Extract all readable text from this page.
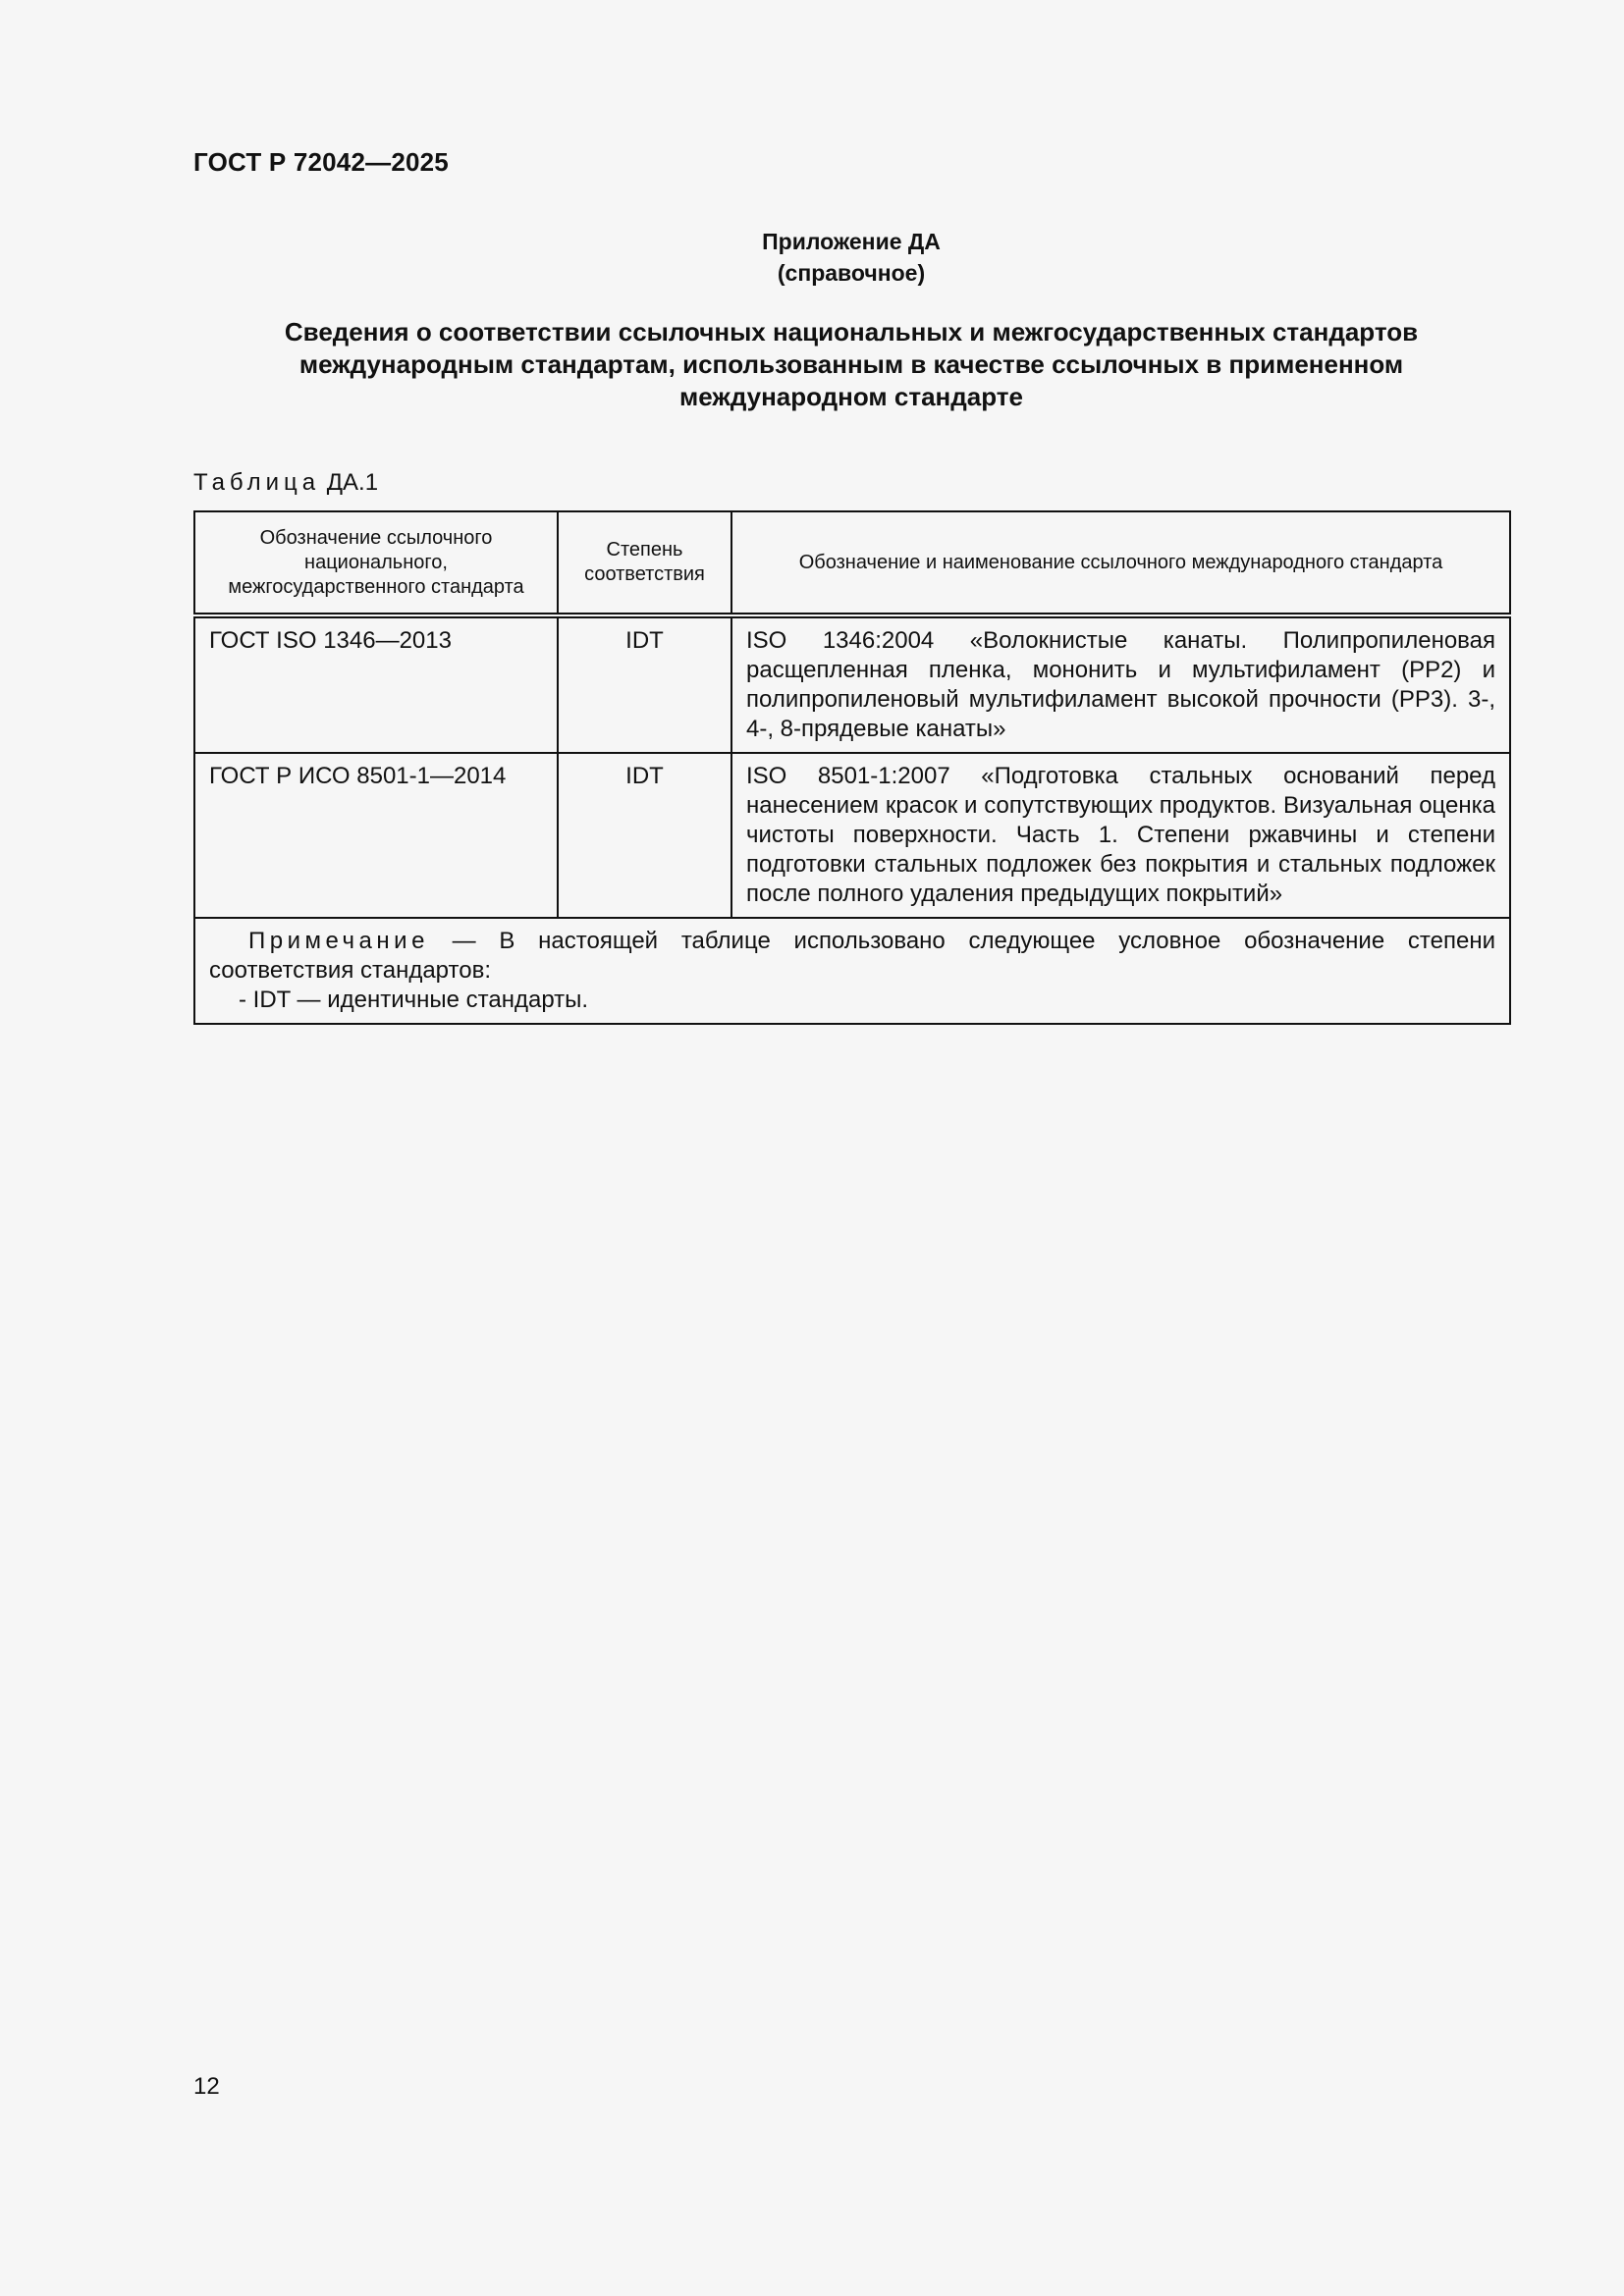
ГОСТ Р 72042—2025
Приложение ДА
(справочное)
Сведения о соответствии ссылочных национальных и межгосударственных стандартов
международным стандартам, использованным в качестве ссылочных в примененном
международном стандарте
Таблица ДА.1
Обозначение ссылочного национального, межгосударственного стандарта	Степень соответствия	Обозначение и наименование ссылочного международного стандарта
ГОСТ ISO 1346—2013	IDT	ISO 1346:2004 «Волокнистые канаты. Полипропиленовая расщепленная пленка, мононить и мультифиламент (PP2) и полипропиленовый мультифиламент высокой прочности (PP3). 3-, 4-, 8-прядевые канаты»
ГОСТ Р ИСО 8501-1—2014	IDT	ISO 8501-1:2007 «Подготовка стальных оснований перед нанесением красок и сопутствующих продуктов. Визуальная оценка чистоты поверхности. Часть 1. Степени ржавчины и степени подготовки стальных подложек без покрытия и стальных подложек после полного удаления предыдущих покрытий»

Примечание — В настоящей таблице использовано следующее условное обозначение степени соответствия стандартов:
- IDT — идентичные стандарты.		
12
